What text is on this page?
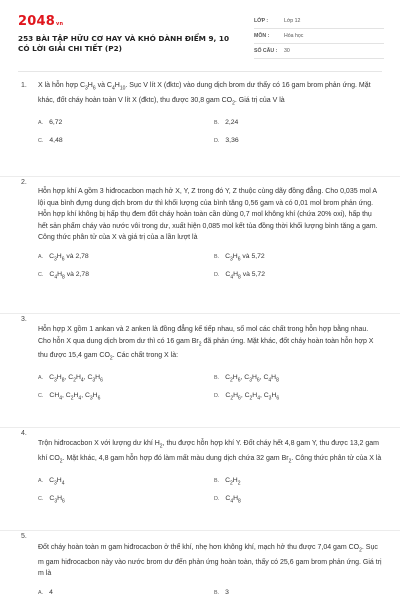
2048vn
253 BÀI TẬP HỮU CƠ HAY VÀ KHÓ DÀNH ĐIỂM 9, 10 CÓ LỜI GIẢI CHI TIẾT (P2)
LỚP :	Lớp 12
MÔN :	Hóa học
SỐ CÂU :	30
1. X là hỗn hợp $C_3H_6$ và $C_4H_{10}$. Sục V lít X (đktc) vào dung dịch brom dư thấy có 16 gam brom phản ứng. Mặt khác, đốt cháy hoàn toàn V lít X (đktc), thu được 30,8 gam $CO_2$. Giá trị của V là
A. 6,72	B. 2,24
C. 4,48	D. 3,36
2.
Hỗn hợp khí A gồm 3 hiđrocacbon mạch hở X, Y, Z trong đó Y, Z thuộc cùng dãy đồng đẳng. Cho 0,035 mol A lội qua bình đựng dung dịch brom dư thì khối lượng của bình tăng 0,56 gam và có 0,01 mol brom phản ứng. Hỗn hợp khí không bị hấp thụ đem đốt cháy hoàn toàn cần dùng 0,7 mol không khí (chứa 20% oxi), hấp thụ hết sản phẩm cháy vào nước vôi trong dư, xuất hiện 0,085 mol kết tủa đồng thời khối lượng bình tăng a gam. Công thức phân tử của X và giá trị của a lần lượt là
A. $C_3H_6$ và 2,78	B. $C_3H_6$ và 5,72
C. $C_4H_8$ và 2,78	D. $C_4H_8$ và 5,72
3.
Hỗn hợp X gồm 1 ankan và 2 anken là đồng đẳng kế tiếp nhau, số mol các chất trong hỗn hợp bằng nhau. Cho hỗn X qua dung dịch brom dư thì có 16 gam $Br_2$ đã phản ứng. Mặt khác, đốt cháy hoàn toàn hỗn hợp X thu được 15,4 gam $CO_2$. Các chất trong X là:
A. $C_3H_8$, $C_2H_4$, $C_3H_6$	B. $C_2H_6$, $C_3H_6$, $C_4H_8$
C. $CH_4$, $C_2H_4$, $C_3H_6$	D. $C_2H_6$, $C_2H_4$, $C_3H_6$
4.
Trộn hiđrocacbon X với lượng dư khí $H_2$, thu được hỗn hợp khí Y. Đốt cháy hết 4,8 gam Y, thu được 13,2 gam khí $CO_2$. Mặt khác, 4,8 gam hỗn hợp đó làm mất màu dung dịch chứa 32 gam $Br_2$. Công thức phân tử của X là
A. $C_3H_4$	B. $C_2H_2$
C. $C_3H_6$	D. $C_4H_8$
5.
Đốt cháy hoàn toàn m gam hiđrocacbon ở thể khí, nhẹ hơn không khí, mạch hở thu được 7,04 gam $CO_2$. Sục m gam hiđrocacbon này vào nước brom dư đến phản ứng hoàn toàn, thấy có 25,6 gam brom phản ứng. Giá trị m là
A. 4	B. 3
